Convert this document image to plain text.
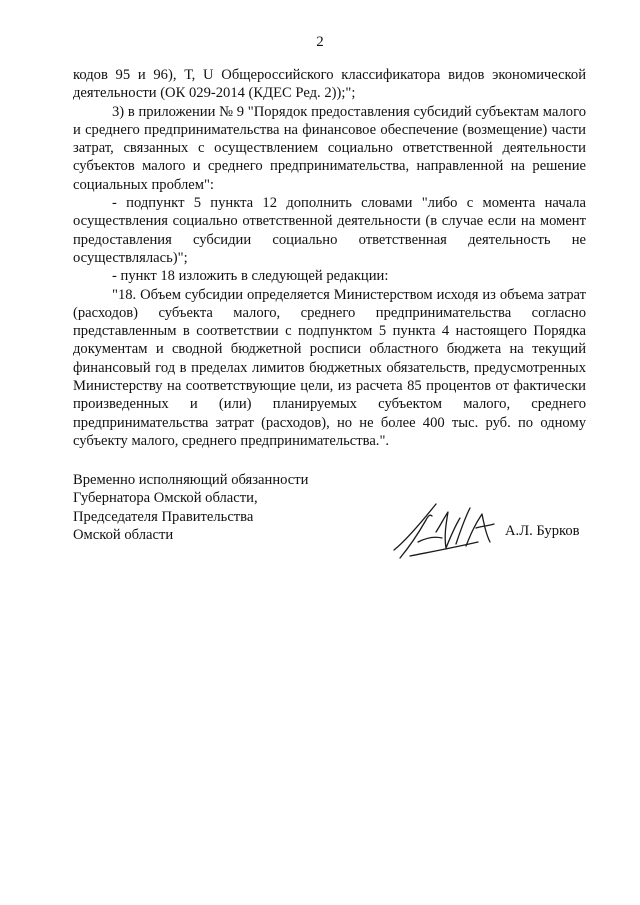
2

кодов 95 и 96), Т, U Общероссийского классификатора видов экономической деятельности (ОК 029-2014 (КДЕС Ред. 2));";

3) в приложении № 9 "Порядок предоставления субсидий субъектам малого и среднего предпринимательства на финансовое обеспечение (возмещение) части затрат, связанных с осуществлением социально ответственной деятельности субъектов малого и среднего предпринимательства, направленной на решение социальных проблем":

- подпункт 5 пункта 12 дополнить словами "либо с момента начала осуществления социально ответственной деятельности (в случае если на момент предоставления субсидии социально ответственная деятельность не осуществлялась)";

- пункт 18 изложить в следующей редакции:

"18. Объем субсидии определяется Министерством исходя из объема затрат (расходов) субъекта малого, среднего предпринимательства согласно представленным в соответствии с подпунктом 5 пункта 4 настоящего Порядка документам и сводной бюджетной росписи областного бюджета на текущий финансовый год в пределах лимитов бюджетных обязательств, предусмотренных Министерству на соответствующие цели, из расчета 85 процентов от фактически произведенных и (или) планируемых субъектом малого, среднего предпринимательства затрат (расходов), но не более 400 тыс. руб. по одному субъекту малого, среднего предпринимательства.".

Временно исполняющий обязанности
Губернатора Омской области,
Председателя Правительства
Омской области	А.Л. Бурков
